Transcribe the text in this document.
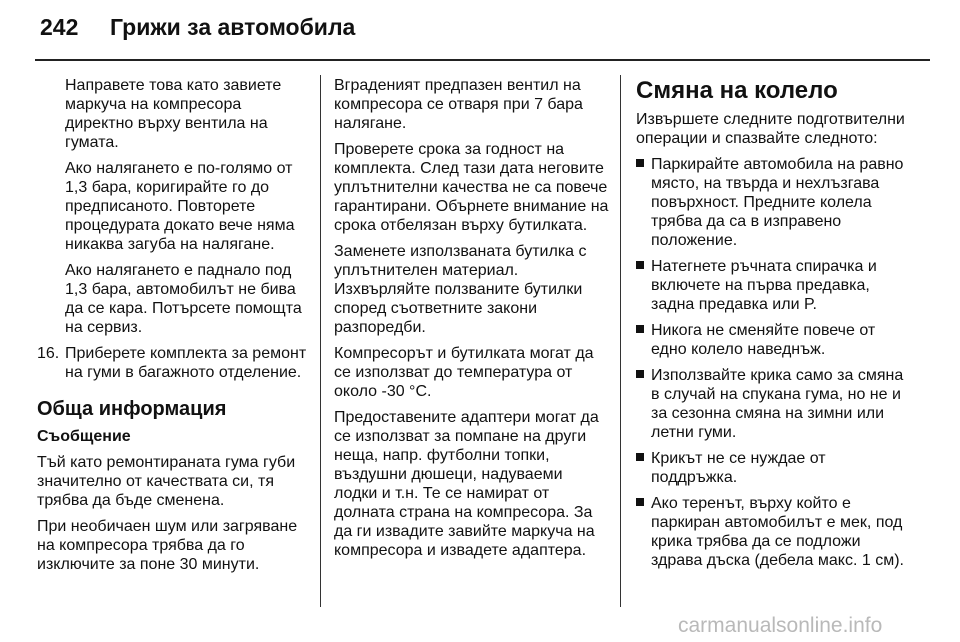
242 Грижи за автомобила

Направете това като завиете маркуча на компресора директно върху вентила на гумата.

Ако налягането е по-голямо от 1,3 бара, коригирайте го до предписаното. Повторете процедурата докато вече няма никаква загуба на налягане.

Ако налягането е паднало под 1,3 бара, автомобилът не бива да се кара. Потърсете помощта на сервиз.

16. Приберете комплекта за ремонт на гуми в багажното отделение.
Обща информация

Съобщение

Тъй като ремонтираната гума губи значително от качествата си, тя трябва да бъде сменена.

При необичаен шум или загряване на компресора трябва да го изключите за поне 30 минути.

Вграденият предпазен вентил на компресора се отваря при 7 бара налягане.

Проверете срока за годност на комплекта. След тази дата неговите уплътнителни качества не са повече гарантирани. Обърнете внимание на срока отбелязан върху бутилката.

Заменете използваната бутилка с уплътнителен материал. Изхвърляйте ползваните бутилки според съответните закони разпоредби.

Компресорът и бутилката могат да се използват до температура от около -30 °C.

Предоставените адаптери могат да се използват за помпане на други неща, напр. футболни топки, въздушни дюшеци, надуваеми лодки и т.н. Те се намират от долната страна на компресора. За да ги извадите завийте маркуча на компресора и извадете адаптера.

Смяна на колело

Извършете следните подготвителни операции и спазвайте следното:

Паркирайте автомобила на равно място, на твърда и нехлъзгава повърхност. Предните колела трябва да са в изправено положение.
Натегнете ръчната спирачка и включете на първа предавка, задна предавка или P.
Никога не сменяйте повече от едно колело наведнъж.
Използвайте крика само за смяна в случай на спукана гума, но не и за сезонна смяна на зимни или летни гуми.
Крикът не се нуждае от поддръжка.
Ако теренът, върху който е паркиран автомобилът е мек, под крика трябва да се подложи здрава дъска (дебела макс. 1 см).
carmanualsonline.info
